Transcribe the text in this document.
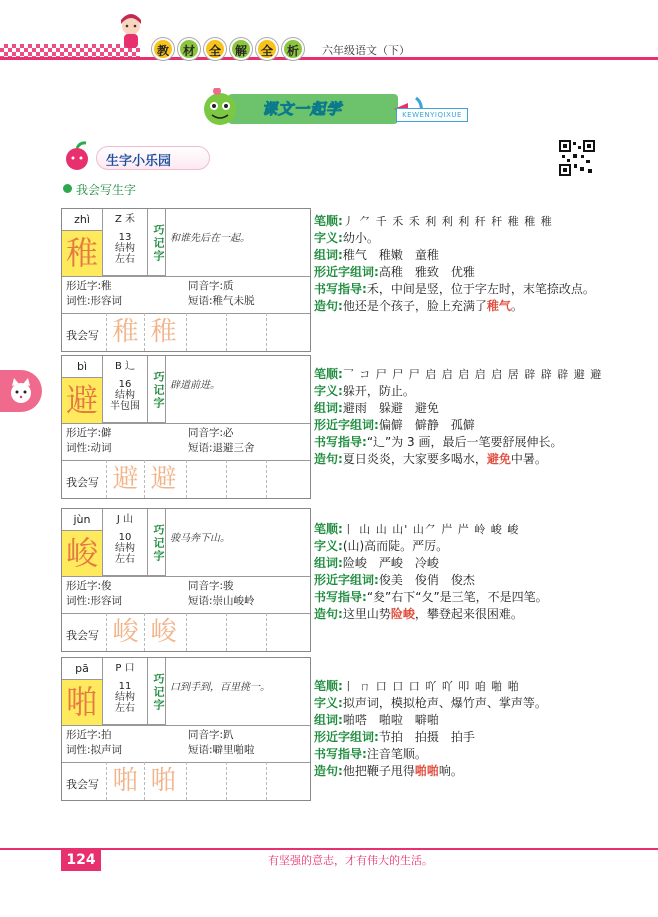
教	材	全	解	全	析	六年级语文（下）
课文一起学	KEWENYIQIXUE
生字小乐园
我会写生字
zhì
稚
Z 禾
13
结构
左右	巧记字 和谁先后在一起。
形近字:稚	同音字:质
词性:形容词	短语:稚气未脱
我会写 稚 稚
bì
避
B 辶
16
结构
半包围	巧记字 辟道前进。
形近字:僻	同音字:必
词性:动词	短语:退避三舍
我会写 避 避
jùn
峻
J 山
10
结构
左右	巧记字 骏马奔下山。
形近字:俊	同音字:骏
词性:形容词	短语:崇山峻岭
我会写 峻 峻
pā
啪
P 口
11
结构
左右	巧记字 口到手到，百里挑一。
形近字:拍	同音字:趴
词性:拟声词	短语:噼里啪啦
我会写 啪 啪
笔顺:丿 ⺈ 千 禾 禾 利 利 利 秆 秆 稚 稚 稚
字义:幼小。
组词:稚气　稚嫩　童稚
形近字组词:高稚　雅致　优雅
书写指导:禾，中间是竖，位于字左时，末笔捺改点。
造句:他还是个孩子，脸上充满了稚气。
笔顺:乛 コ 尸 尸 尸 启 启 启 启 启 居 辟 辟 辟 避 避
字义:躲开，防止。
组词:避雨　躲避　避免
形近字组词:偏僻　僻静　孤僻
书写指导:“辶”为 3 画，最后一笔要舒展伸长。
造句:夏日炎炎，大家要多喝水，避免中暑。
笔顺:丨 山 山 山' 山⺈ 屵 屵 岭 峻 峻
字义:(山)高而陡。严厉。
组词:险峻　严峻　冷峻
形近字组词:俊美　俊俏　俊杰
书写指导:“夋”右下“夂”是三笔，不是四笔。
造句:这里山势险峻，攀登起来很困难。
笔顺:丨 ㄇ 口 口 口 吖 吖 叩 咱 啪 啪
字义:拟声词，模拟枪声、爆竹声、掌声等。
组词:啪嗒　啪啦　噼啪
形近字组词:节拍　拍摄　拍手
书写指导:注音笔顺。
造句:他把鞭子甩得啪啪响。
124	有坚强的意志，才有伟大的生活。
